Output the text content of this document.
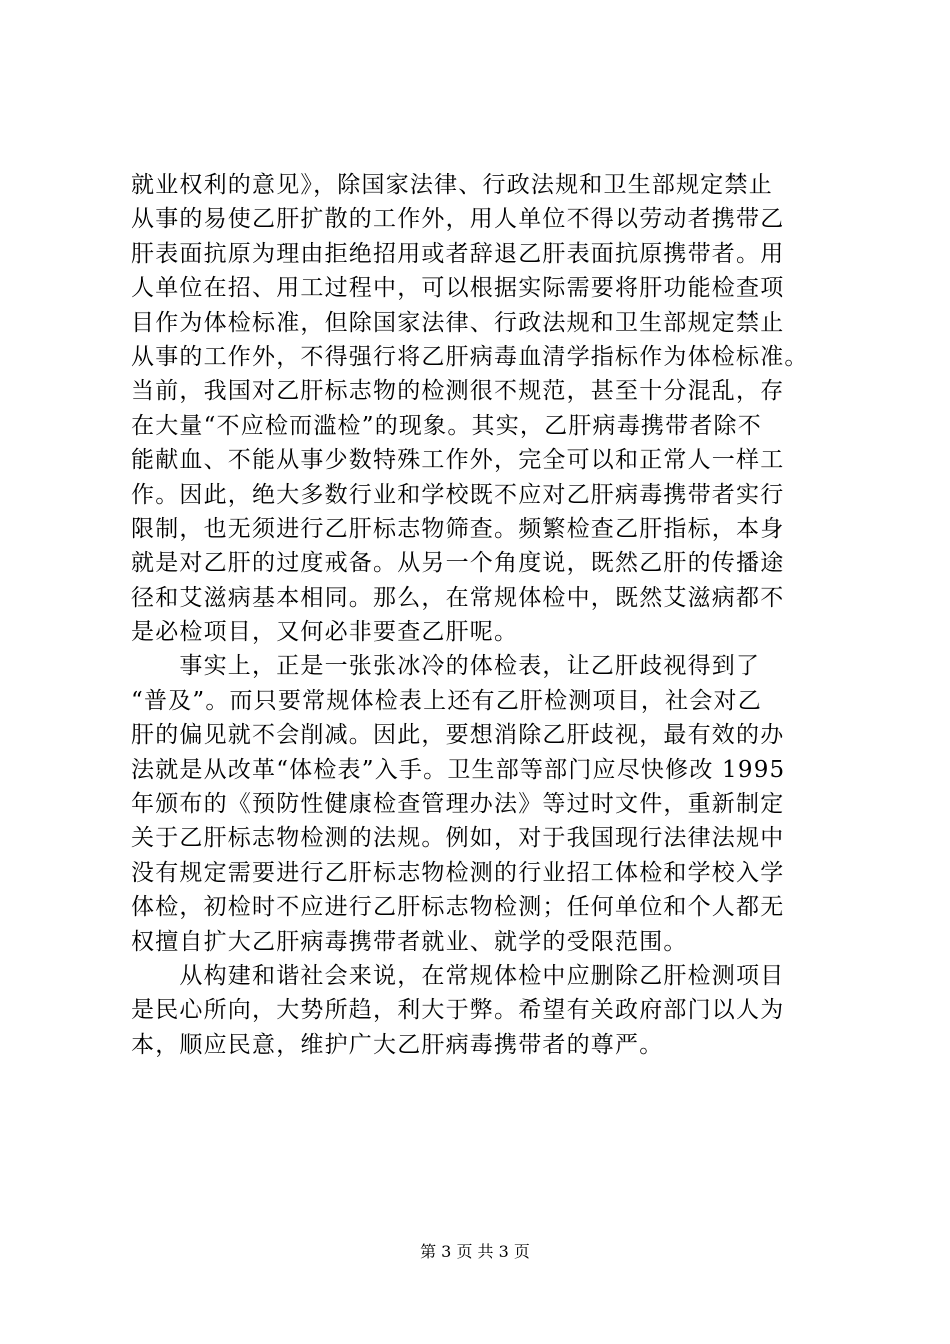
就业权利的意见》，除国家法律、行政法规和卫生部规定禁止
从事的易使乙肝扩散的工作外，用人单位不得以劳动者携带乙
肝表面抗原为理由拒绝招用或者辞退乙肝表面抗原携带者。用
人单位在招、用工过程中，可以根据实际需要将肝功能检查项
目作为体检标准，但除国家法律、行政法规和卫生部规定禁止
从事的工作外，不得强行将乙肝病毒血清学指标作为体检标准。
当前，我国对乙肝标志物的检测很不规范，甚至十分混乱，存
在大量“不应检而滥检”的现象。其实，乙肝病毒携带者除不
能献血、不能从事少数特殊工作外，完全可以和正常人一样工
作。因此，绝大多数行业和学校既不应对乙肝病毒携带者实行
限制，也无须进行乙肝标志物筛查。频繁检查乙肝指标，本身
就是对乙肝的过度戒备。从另一个角度说，既然乙肝的传播途
径和艾滋病基本相同。那么，在常规体检中，既然艾滋病都不
是必检项目，又何必非要查乙肝呢。
　　事实上，正是一张张冰冷的体检表，让乙肝歧视得到了
“普及”。而只要常规体检表上还有乙肝检测项目，社会对乙
肝的偏见就不会削减。因此，要想消除乙肝歧视，最有效的办
法就是从改革“体检表”入手。卫生部等部门应尽快修改 1995
年颁布的《预防性健康检查管理办法》等过时文件，重新制定
关于乙肝标志物检测的法规。例如，对于我国现行法律法规中
没有规定需要进行乙肝标志物检测的行业招工体检和学校入学
体检，初检时不应进行乙肝标志物检测；任何单位和个人都无
权擅自扩大乙肝病毒携带者就业、就学的受限范围。
　　从构建和谐社会来说，在常规体检中应删除乙肝检测项目
是民心所向，大势所趋，利大于弊。希望有关政府部门以人为
本，顺应民意，维护广大乙肝病毒携带者的尊严。
第 3 页 共 3 页
